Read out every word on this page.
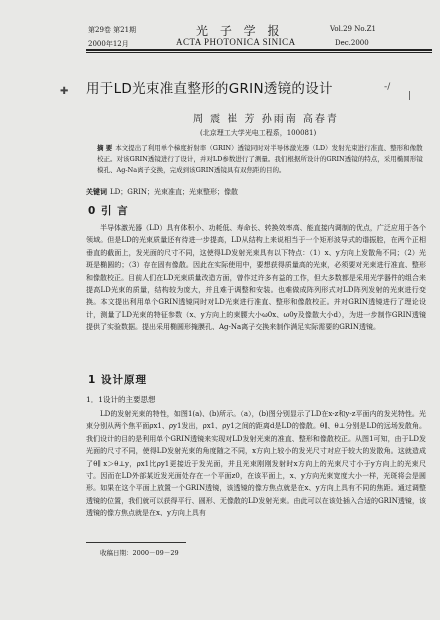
第29卷 第21期
2000年12月
光 子 学 报
ACTA PHOTONICA SINICA
Vol.29 No.Z1
Dec.2000
✚	-/
|
用于LD光束准直整形的GRIN透镜的设计
周 震 崔 芳 孙雨南 高春青
(北京理工大学光电工程系，100081)

摘 要 本文提出了利用单个梯度折射率（GRIN）透镜同时对半导体激光器（LD）发射光束进行准直、整形和像散校正。对该GRIN透镜进行了设计，并对LD参数进行了测量。我们根据所设计的GRIN透镜的特点，采用椭圆形镜模孔、Ag-Na离子交换，完成到该GRIN透镜具有双焦距的目的。

关键词 LD；GRIN；光束准直；光束整形；像散
0 引 言

半导体激光器（LD）具有体积小、功耗低、寿命长、转换效率高、能直接内调制的优点，广泛应用于各个领域。但是LD的光束质量还有待进一步提高，LD从结构上来说相当于一个矩形波导式的谐振腔，在两个正相垂直的截面上，发光面的尺寸不同，这使得LD发射光束具有以下特点：（1）x、y方向上发散角不同；（2）光斑是椭圆的；（3）存在固有像散。因此在实际使用中，要想获得质量高的光束，必须要对光束进行准直、整形和像散校正。目前人们在LD光束质量改造方面，曾作过许多有益的工作，但大多数都是采用光学器件的组合来提高LD光束的质量，结构较为庞大，并且难于调整和安装。也难做成阵列形式对LD阵列发射的光束进行变换。本文提出利用单个GRIN透镜同时对LD光束进行准直、整形和像散校正。并对GRIN透镜进行了理论设计，测量了LD光束的特征参数（x、y方向上的束腰大小ω0x、ω0y及像散大小d），为进一步制作GRIN透镜提供了实验数据。提出采用椭圆形掩膜孔、Ag-Na离子交换来制作满足实际需要的GRIN透镜。

1 设计原理
1．1设计的主要思想

LD的发射光束的特性，如图1(a)、(b)所示。（a），(b)图分别显示了LD在x-z和y-z平面内的发光特性。光束分别从两个焦平面ρx1、ρy1发出，ρx1、ρy1之间的距离d是LD的像散。θ∥、θ⊥分别是LD的远场发散角。我们设计的目的是利用单个GRIN透镜来实现对LD发射光束的准直、整形和像散校正。从图1可知，由于LD发光面的尺寸不同，使得LD发射光束的角度随之不同，x方向上较小的发光尺寸对应于较大的发散角。这就造成了θ∥ x＞θ⊥y，ρx1比ρy1更接近于发光面，并且光束刚刚发射时x方向上的光束尺寸小于y方向上的光束尺寸。因而在LD外部某近发光面处存在一个平面z0，在该平面上，x、y方向光束宽度大小一样，光斑将会是圆形。如果在这个平面上放置一个GRIN透镜，该透镜的像方焦点就是在x、y方向上具有不同的焦距。通过调整透镜的位置，我们就可以获得平行、圆形、无像散的LD发射光束。由此可以在该处插入合适的GRIN透镜，该透镜的像方焦点就是在x、y方向上具有

收稿日期：2000－09－29
